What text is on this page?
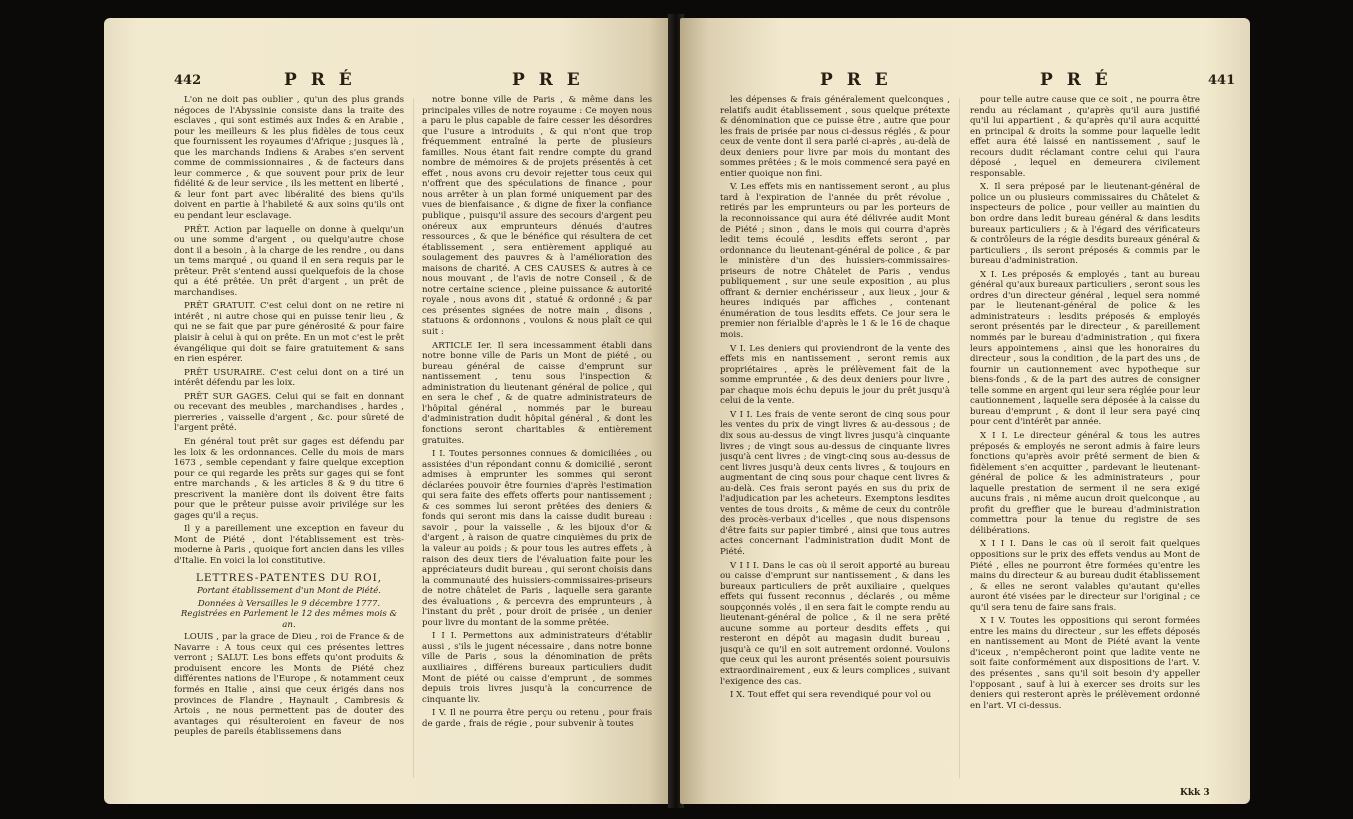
442	P R É	P R E

L'on ne doit pas oublier , qu'un des plus grands négoces de l'Abyssinie consiste dans la traite des esclaves , qui sont estimés aux Indes & en Arabie , pour les meilleurs & les plus fidèles de tous ceux que fournissent les royaumes d'Afrique ; jusques là , que les marchands Indiens & Arabes s'en servent comme de commissionnaires , & de facteurs dans leur commerce , & que souvent pour prix de leur fidélité & de leur service , ils les mettent en liberté , & leur font part avec libéralité des biens qu'ils doivent en partie à l'habileté & aux soins qu'ils ont eu pendant leur esclavage.

PRÊT. Action par laquelle on donne à quelqu'un ou une somme d'argent , ou quelqu'autre chose dont il a besoin , à la charge de les rendre , ou dans un tems marqué , ou quand il en sera requis par le prêteur. Prêt s'entend aussi quelquefois de la chose qui a été prêtée. Un prêt d'argent , un prêt de marchandises.

PRÊT GRATUIT. C'est celui dont on ne retire ni intérêt , ni autre chose qui en puisse tenir lieu , & qui ne se fait que par pure générosité & pour faire plaisir à celui à qui on prête. En un mot c'est le prêt évangélique qui doit se faire gratuitement & sans en rien espérer.

PRÊT USURAIRE. C'est celui dont on a tiré un intérêt défendu par les loix.

PRÊT SUR GAGES. Celui qui se fait en donnant ou recevant des meubles , marchandises , hardes , pierreries , vaisselle d'argent , &c. pour sûreté de l'argent prêté.

En général tout prêt sur gages est défendu par les loix & les ordonnances. Celle du mois de mars 1673 , semble cependant y faire quelque exception pour ce qui regarde les prêts sur gages qui se font entre marchands , & les articles 8 & 9 du titre 6 prescrivent la manière dont ils doivent être faits pour que le prêteur puisse avoir privilége sur les gages qu'il a reçus.

Il y a pareillement une exception en faveur du Mont de Piété , dont l'établissement est très-moderne à Paris , quoique fort ancien dans les villes d'Italie. En voici la loi constitutive.

LETTRES-PATENTES DU ROI,
Portant établissement d'un Mont de Piété.
Données à Versailles le 9 décembre 1777. Registrées en Parlement le 12 des mêmes mois & an.

LOUIS , par la grace de Dieu , roi de France & de Navarre : A tous ceux qui ces présentes lettres verront ; SALUT. Les bons effets qu'ont produits & produisent encore les Monts de Piété chez différentes nations de l'Europe , & notamment ceux formés en Italie , ainsi que ceux érigés dans nos provinces de Flandre , Haynault , Cambresis & Artois , ne nous permettent pas de douter des avantages qui résulteroient en faveur de nos peuples de pareils établissemens dans

notre bonne ville de Paris , & même dans les principales villes de notre royaume : Ce moyen nous a paru le plus capable de faire cesser les désordres que l'usure a introduits , & qui n'ont que trop fréquemment entraîné la perte de plusieurs familles. Nous étant fait rendre compte du grand nombre de mémoires & de projets présentés à cet effet , nous avons cru devoir rejetter tous ceux qui n'offrent que des spéculations de finance , pour nous arrêter à un plan formé uniquement par des vues de bienfaisance , & digne de fixer la confiance publique , puisqu'il assure des secours d'argent peu onéreux aux emprunteurs dénués d'autres ressources , & que le bénéfice qui résultera de cet établissement , sera entièrement appliqué au soulagement des pauvres & à l'amélioration des maisons de charité. A CES CAUSES & autres à ce nous mouvant , de l'avis de notre Conseil , & de notre certaine science , pleine puissance & autorité royale , nous avons dit , statué & ordonné ; & par ces présentes signées de notre main , disons , statuons & ordonnons , voulons & nous plaît ce qui suit :

ARTICLE Ier. Il sera incessamment établi dans notre bonne ville de Paris un Mont de piété , ou bureau général de caisse d'emprunt sur nantissement , tenu sous l'inspection & administration du lieutenant général de police , qui en sera le chef , & de quatre administrateurs de l'hôpital général , nommés par le bureau d'administration dudit hôpital général , & dont les fonctions seront charitables & entièrement gratuites.

I I. Toutes personnes connues & domiciliées , ou assistées d'un répondant connu & domicilié , seront admises à emprunter les sommes qui seront déclarées pouvoir être fournies d'après l'estimation qui sera faite des effets offerts pour nantissement ; & ces sommes lui seront prêtées des deniers & fonds qui seront mis dans la caisse dudit bureau : savoir , pour la vaisselle , & les bijoux d'or & d'argent , à raison de quatre cinquièmes du prix de la valeur au poids ; & pour tous les autres effets , à raison des deux tiers de l'évaluation faite pour les appréciateurs dudit bureau , qui seront choisis dans la communauté des huissiers-commissaires-priseurs de notre châtelet de Paris , laquelle sera garante des évaluations , & percevra des emprunteurs , à l'instant du prêt , pour droit de prisée , un denier pour livre du montant de la somme prêtée.

I I I. Permettons aux administrateurs d'établir aussi , s'ils le jugent nécessaire , dans notre bonne ville de Paris , sous la dénomination de prêts auxiliaires , différens bureaux particuliers dudit Mont de piété ou caisse d'emprunt , de sommes depuis trois livres jusqu'à la concurrence de cinquante liv.

I V. Il ne pourra être perçu ou retenu , pour frais de garde , frais de régie , pour subvenir à toutes

P R E	P R É	441

les dépenses & frais généralement quelconques , relatifs audit établissement , sous quelque prétexte & dénomination que ce puisse être , autre que pour les frais de prisée par nous ci-dessus réglés , & pour ceux de vente dont il sera parlé ci-après , au-delà de deux deniers pour livre par mois du montant des sommes prêtées ; & le mois commencé sera payé en entier quoique non fini.

V. Les effets mis en nantissement seront , au plus tard à l'expiration de l'année du prêt révolue , retirés par les emprunteurs ou par les porteurs de la reconnoissance qui aura été délivrée audit Mont de Piété ; sinon , dans le mois qui courra d'après ledit tems écoulé , lesdits effets seront , par ordonnance du lieutenant-général de police , & par le ministère d'un des huissiers-commissaires-priseurs de notre Châtelet de Paris , vendus publiquement , sur une seule exposition , au plus offrant & dernier enchérisseur , aux lieux , jour & heures indiqués par affiches , contenant énumération de tous lesdits effets. Ce jour sera le premier non férialble d'après le 1 & le 16 de chaque mois.

V I. Les deniers qui proviendront de la vente des effets mis en nantissement , seront remis aux propriétaires , après le prélèvement fait de la somme empruntée , & des deux deniers pour livre , par chaque mois échu depuis le jour du prêt jusqu'à celui de la vente.

V I I. Les frais de vente seront de cinq sous pour les ventes du prix de vingt livres & au-dessous ; de dix sous au-dessus de vingt livres jusqu'à cinquante livres ; de vingt sous au-dessus de cinquante livres jusqu'à cent livres ; de vingt-cinq sous au-dessus de cent livres jusqu'à deux cents livres , & toujours en augmentant de cinq sous pour chaque cent livres & au-delà. Ces frais seront payés en sus du prix de l'adjudication par les acheteurs. Exemptons lesdites ventes de tous droits , & même de ceux du contrôle des procès-verbaux d'icelles , que nous dispensons d'être faits sur papier timbré , ainsi que tous autres actes concernant l'administration dudit Mont de Piété.

V I I I. Dans le cas où il seroit apporté au bureau ou caisse d'emprunt sur nantissement , & dans les bureaux particuliers de prêt auxiliaire , quelques effets qui fussent reconnus , déclarés , ou même soupçonnés volés , il en sera fait le compte rendu au lieutenant-général de police , & il ne sera prêté aucune somme au porteur desdits effets , qui resteront en dépôt au magasin dudit bureau , jusqu'à ce qu'il en soit autrement ordonné. Voulons que ceux qui les auront présentés soient poursuivis extraordinairement , eux & leurs complices , suivant l'exigence des cas.

I X. Tout effet qui sera revendiqué pour vol ou

pour telle autre cause que ce soit , ne pourra être rendu au réclamant , qu'après qu'il aura justifié qu'il lui appartient , & qu'après qu'il aura acquitté en principal & droits la somme pour laquelle ledit effet aura été laissé en nantissement , sauf le recours dudit réclamant contre celui qui l'aura déposé , lequel en demeurera civilement responsable.

X. Il sera préposé par le lieutenant-général de police un ou plusieurs commissaires du Châtelet & inspecteurs de police , pour veiller au maintien du bon ordre dans ledit bureau général & dans lesdits bureaux particuliers ; & à l'égard des vérificateurs & contrôleurs de la régie desdits bureaux général & particuliers , ils seront préposés & commis par le bureau d'administration.

X I. Les préposés & employés , tant au bureau général qu'aux bureaux particuliers , seront sous les ordres d'un directeur général , lequel sera nommé par le lieutenant-général de police & les administrateurs : lesdits préposés & employés seront présentés par le directeur , & pareillement nommés par le bureau d'administration , qui fixera leurs appointemens , ainsi que les honoraires du directeur , sous la condition , de la part des uns , de fournir un cautionnement avec hypotheque sur biens-fonds , & de la part des autres de consigner telle somme en argent qui leur sera réglée pour leur cautionnement , laquelle sera déposée à la caisse du bureau d'emprunt , & dont il leur sera payé cinq pour cent d'intérêt par année.

X I I. Le directeur général & tous les autres préposés & employés ne seront admis à faire leurs fonctions qu'après avoir prêté serment de bien & fidèlement s'en acquitter , pardevant le lieutenant-général de police & les administrateurs , pour laquelle prestation de serment il ne sera exigé aucuns frais , ni même aucun droit quelconque , au profit du greffier que le bureau d'administration commettra pour la tenue du registre de ses délibérations.

X I I I. Dans le cas où il seroit fait quelques oppositions sur le prix des effets vendus au Mont de Piété , elles ne pourront être formées qu'entre les mains du directeur & au bureau dudit établissement , & elles ne seront valables qu'autant qu'elles auront été visées par le directeur sur l'original ; ce qu'il sera tenu de faire sans frais.

X I V. Toutes les oppositions qui seront formées entre les mains du directeur , sur les effets déposés en nantissement au Mont de Piété avant la vente d'iceux , n'empêcheront point que ladite vente ne soit faite conformément aux dispositions de l'art. V. des présentes , sans qu'il soit besoin d'y appeller l'opposant , sauf à lui à exercer ses droits sur les deniers qui resteront après le prélèvement ordonné en l'art. VI ci-dessus.

Kkk 3
